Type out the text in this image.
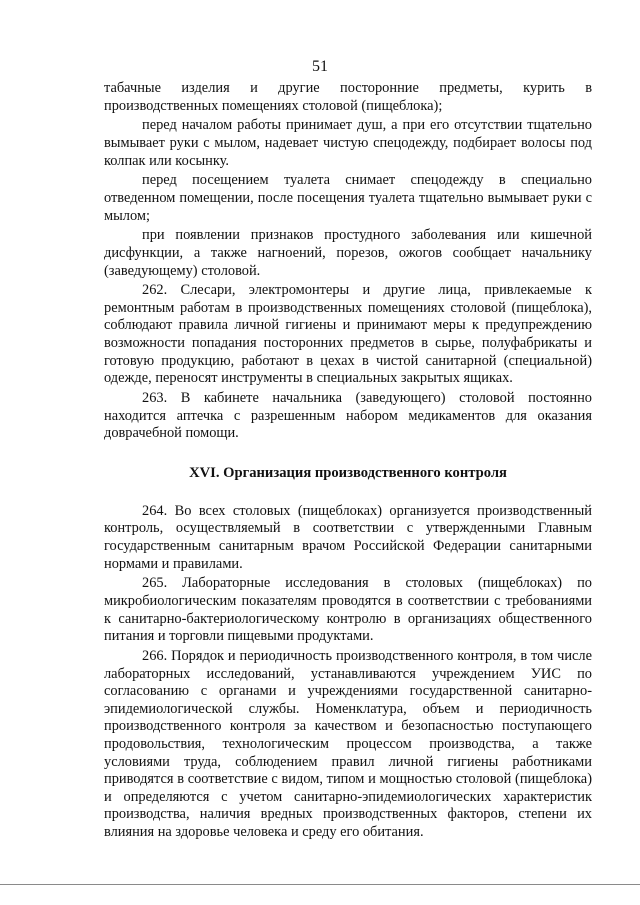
51

табачные изделия и другие посторонние предметы, курить в производственных помещениях столовой (пищеблока);

перед началом работы принимает душ, а при его отсутствии тщательно вымывает руки с мылом, надевает чистую спецодежду, подбирает волосы под колпак или косынку.

перед посещением туалета снимает спецодежду в специально отведенном помещении, после посещения туалета тщательно вымывает руки с мылом;

при появлении признаков простудного заболевания или кишечной дисфункции, а также нагноений, порезов, ожогов сообщает начальнику (заведующему) столовой.

262. Слесари, электромонтеры и другие лица, привлекаемые к ремонтным работам в производственных помещениях столовой (пищеблока), соблюдают правила личной гигиены и принимают меры к предупреждению возможности попадания посторонних предметов в сырье, полуфабрикаты и готовую продукцию, работают в цехах в чистой санитарной (специальной) одежде, переносят инструменты в специальных закрытых ящиках.

263. В кабинете начальника (заведующего) столовой постоянно находится аптечка с разрешенным набором медикаментов для оказания доврачебной помощи.

XVI. Организация производственного контроля

264. Во всех столовых (пищеблоках) организуется производственный контроль, осуществляемый в соответствии с утвержденными Главным государственным санитарным врачом Российской Федерации санитарными нормами и правилами.

265. Лабораторные исследования в столовых (пищеблоках) по микробиологическим показателям проводятся в соответствии с требованиями к санитарно-бактериологическому контролю в организациях общественного питания и торговли пищевыми продуктами.

266. Порядок и периодичность производственного контроля, в том числе лабораторных исследований, устанавливаются учреждением УИС по согласованию с органами и учреждениями государственной санитарно-эпидемиологической службы. Номенклатура, объем и периодичность производственного контроля за качеством и безопасностью поступающего продовольствия, технологическим процессом производства, а также условиями труда, соблюдением правил личной гигиены работниками приводятся в соответствие с видом, типом и мощностью столовой (пищеблока) и определяются с учетом санитарно-эпидемиологических характеристик производства, наличия вредных производственных факторов, степени их влияния на здоровье человека и среду его обитания.
